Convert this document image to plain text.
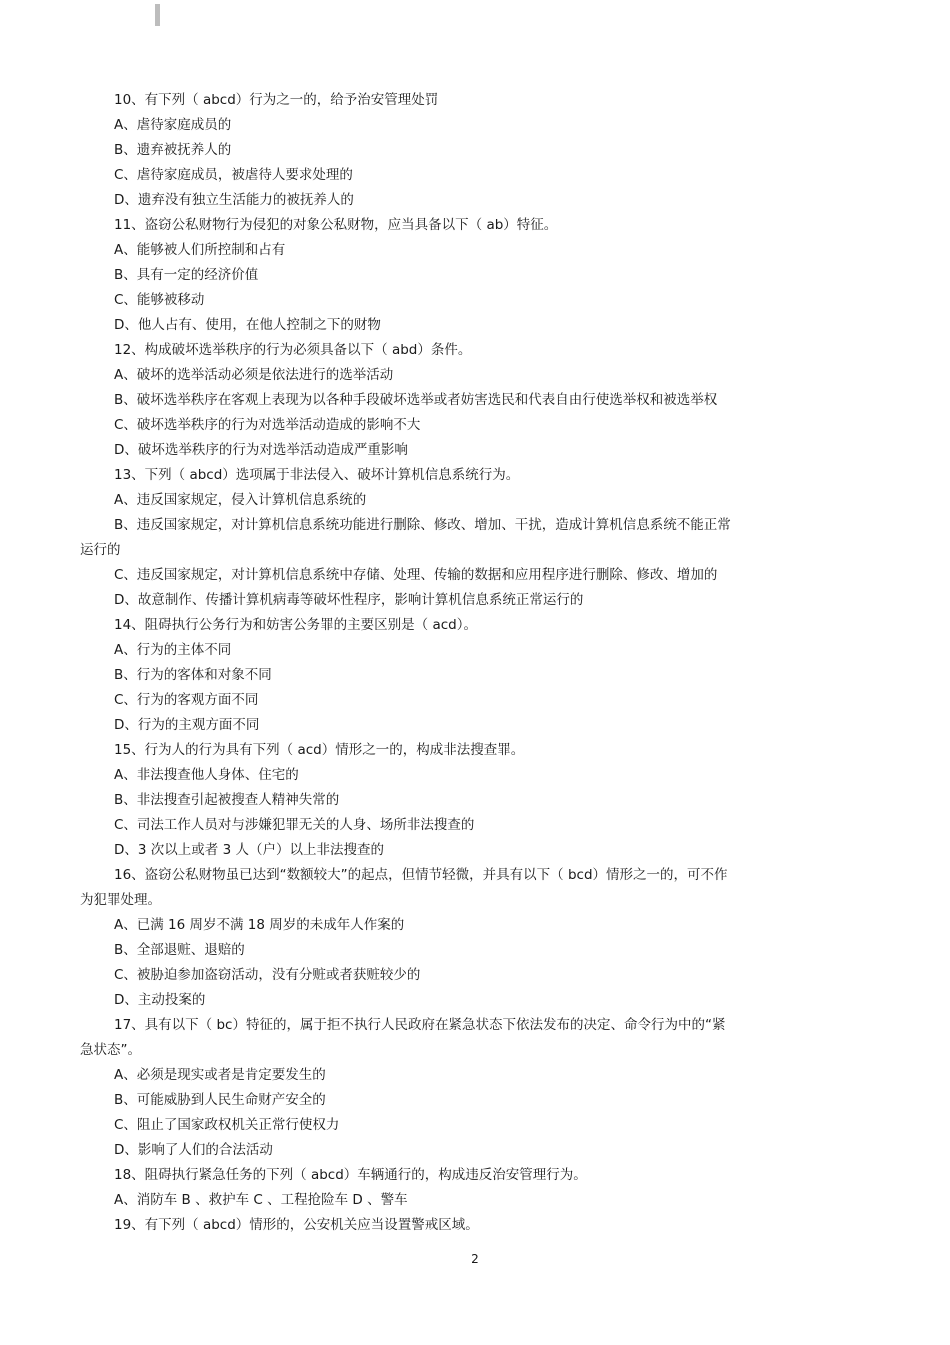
10、有下列（ abcd）行为之一的，给予治安管理处罚
A、虐待家庭成员的
B、遗弃被抚养人的
C、虐待家庭成员，被虐待人要求处理的
D、遗弃没有独立生活能力的被抚养人的
11、盗窃公私财物行为侵犯的对象公私财物，应当具备以下（ ab）特征。
A、能够被人们所控制和占有
B、具有一定的经济价值
C、能够被移动
D、他人占有、使用，在他人控制之下的财物
12、构成破坏选举秩序的行为必须具备以下（ abd）条件。
A、破坏的选举活动必须是依法进行的选举活动
B、破坏选举秩序在客观上表现为以各种手段破坏选举或者妨害选民和代表自由行使选举权和被选举权
C、破坏选举秩序的行为对选举活动造成的影响不大
D、破坏选举秩序的行为对选举活动造成严重影响
13、下列（ abcd）选项属于非法侵入、破坏计算机信息系统行为。
A、违反国家规定，侵入计算机信息系统的
B、违反国家规定，对计算机信息系统功能进行删除、修改、增加、干扰，造成计算机信息系统不能正常
运行的
C、违反国家规定，对计算机信息系统中存储、处理、传输的数据和应用程序进行删除、修改、增加的
D、故意制作、传播计算机病毒等破坏性程序，影响计算机信息系统正常运行的
14、阻碍执行公务行为和妨害公务罪的主要区别是（ acd）。
A、行为的主体不同
B、行为的客体和对象不同
C、行为的客观方面不同
D、行为的主观方面不同
15、行为人的行为具有下列（ acd）情形之一的，构成非法搜查罪。
A、非法搜查他人身体、住宅的
B、非法搜查引起被搜查人精神失常的
C、司法工作人员对与涉嫌犯罪无关的人身、场所非法搜查的
D、3 次以上或者 3 人（户）以上非法搜查的
16、盗窃公私财物虽已达到“数额较大”的起点，但情节轻微，并具有以下（ bcd）情形之一的，可不作
为犯罪处理。
A、已满 16 周岁不满 18 周岁的未成年人作案的
B、全部退赃、退赔的
C、被胁迫参加盗窃活动，没有分赃或者获赃较少的
D、主动投案的
17、具有以下（ bc）特征的，属于拒不执行人民政府在紧急状态下依法发布的决定、命令行为中的“紧
急状态”。
A、必须是现实或者是肯定要发生的
B、可能威胁到人民生命财产安全的
C、阻止了国家政权机关正常行使权力
D、影响了人们的合法活动
18、阻碍执行紧急任务的下列（ abcd）车辆通行的，构成违反治安管理行为。
A、消防车 B 、救护车 C 、工程抢险车 D 、警车
19、有下列（ abcd）情形的，公安机关应当设置警戒区域。
2
